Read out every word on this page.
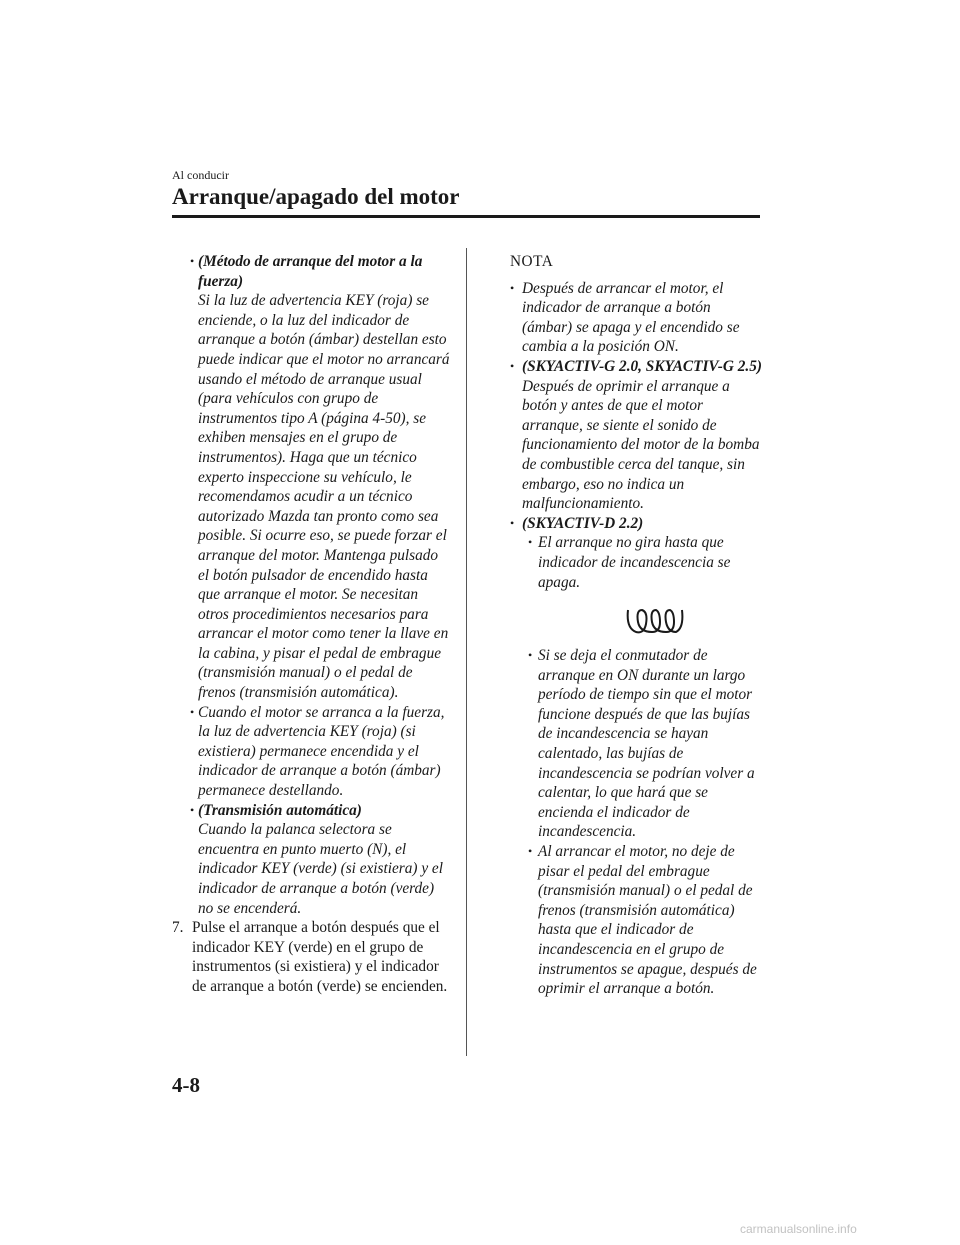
Al conducir
Arranque/apagado del motor
• (Método de arranque del motor a la fuerza)
Si la luz de advertencia KEY (roja) se enciende, o la luz del indicador de arranque a botón (ámbar) destellan esto puede indicar que el motor no arrancará usando el método de arranque usual (para vehículos con grupo de instrumentos tipo A (página 4-50), se exhiben mensajes en el grupo de instrumentos). Haga que un técnico experto inspeccione su vehículo, le recomendamos acudir a un técnico autorizado Mazda tan pronto como sea posible. Si ocurre eso, se puede forzar el arranque del motor. Mantenga pulsado el botón pulsador de encendido hasta que arranque el motor. Se necesitan otros procedimientos necesarios para arrancar el motor como tener la llave en la cabina, y pisar el pedal de embrague (transmisión manual) o el pedal de frenos (transmisión automática).
• Cuando el motor se arranca a la fuerza, la luz de advertencia KEY (roja) (si existiera) permanece encendida y el indicador de arranque a botón (ámbar) permanece destellando.
• (Transmisión automática)
Cuando la palanca selectora se encuentra en punto muerto (N), el indicador KEY (verde) (si existiera) y el indicador de arranque a botón (verde) no se encenderá.
7. Pulse el arranque a botón después que el indicador KEY (verde) en el grupo de instrumentos (si existiera) y el indicador de arranque a botón (verde) se encienden.
NOTA
• Después de arrancar el motor, el indicador de arranque a botón (ámbar) se apaga y el encendido se cambia a la posición ON.
• (SKYACTIV-G 2.0, SKYACTIV-G 2.5)
Después de oprimir el arranque a botón y antes de que el motor arranque, se siente el sonido de funcionamiento del motor de la bomba de combustible cerca del tanque, sin embargo, eso no indica un malfuncionamiento.
• (SKYACTIV-D 2.2)
• El arranque no gira hasta que indicador de incandescencia se apaga.
• Si se deja el conmutador de arranque en ON durante un largo período de tiempo sin que el motor funcione después de que las bujías de incandescencia se hayan calentado, las bujías de incandescencia se podrían volver a calentar, lo que hará que se encienda el indicador de incandescencia.
• Al arrancar el motor, no deje de pisar el pedal del embrague (transmisión manual) o el pedal de frenos (transmisión automática) hasta que el indicador de incandescencia en el grupo de instrumentos se apague, después de oprimir el arranque a botón.
4-8
carmanualsonline.info
